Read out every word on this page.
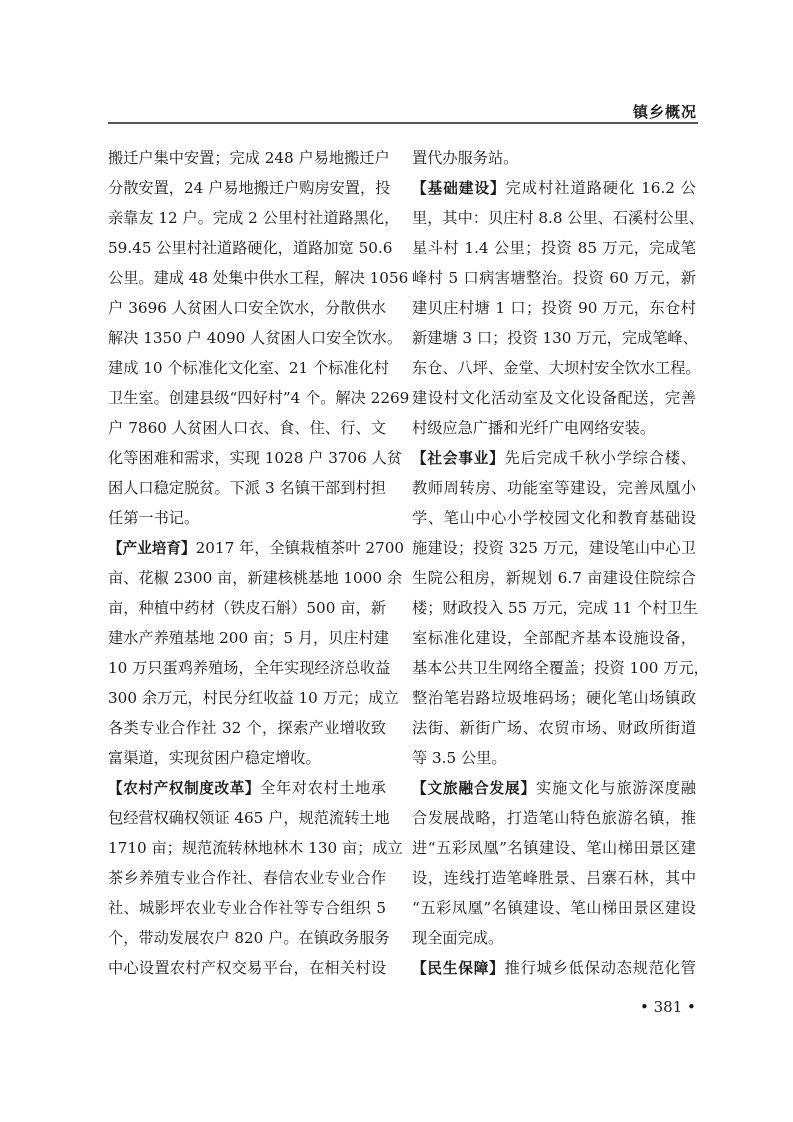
镇乡概况
搬迁户集中安置；完成 248 户易地搬迁户
分散安置，24 户易地搬迁户购房安置，投
亲靠友 12 户。完成 2 公里村社道路黑化，
59.45 公里村社道路硬化，道路加宽 50.6
公里。建成 48 处集中供水工程，解决 1056
户 3696 人贫困人口安全饮水，分散供水
解决 1350 户 4090 人贫困人口安全饮水。
建成 10 个标准化文化室、21 个标准化村
卫生室。创建县级“四好村”4 个。解决 2269
户 7860 人贫困人口衣、食、住、行、文
化等困难和需求，实现 1028 户 3706 人贫
困人口稳定脱贫。下派 3 名镇干部到村担
任第一书记。
【产业培育】2017 年，全镇栽植茶叶 2700
亩、花椒 2300 亩，新建核桃基地 1000 余
亩，种植中药材（铁皮石斛）500 亩，新
建水产养殖基地 200 亩；5 月，贝庄村建
10 万只蛋鸡养殖场，全年实现经济总收益
300 余万元，村民分红收益 10 万元；成立
各类专业合作社 32 个，探索产业增收致
富渠道，实现贫困户稳定增收。
【农村产权制度改革】全年对农村土地承
包经营权确权领证 465 户，规范流转土地
1710 亩；规范流转林地林木 130 亩；成立
茶乡养殖专业合作社、春信农业专业合作
社、城影坪农业专业合作社等专合组织 5
个，带动发展农户 820 户。在镇政务服务
中心设置农村产权交易平台，在相关村设
置代办服务站。
【基础建设】完成村社道路硬化 16.2 公
里，其中：贝庄村 8.8 公里、石溪村公里、
星斗村 1.4 公里；投资 85 万元，完成笔
峰村 5 口病害塘整治。投资 60 万元，新
建贝庄村塘 1 口；投资 90 万元，东仓村
新建塘 3 口；投资 130 万元，完成笔峰、
东仓、八坪、金堂、大坝村安全饮水工程。
建设村文化活动室及文化设备配送，完善
村级应急广播和光纤广电网络安装。
【社会事业】先后完成千秋小学综合楼、
教师周转房、功能室等建设，完善凤凰小
学、笔山中心小学校园文化和教育基础设
施建设；投资 325 万元，建设笔山中心卫
生院公租房，新规划 6.7 亩建设住院综合
楼；财政投入 55 万元，完成 11 个村卫生
室标准化建设，全部配齐基本设施设备，
基本公共卫生网络全覆盖；投资 100 万元，
整治笔岩路垃圾堆码场；硬化笔山场镇政
法街、新街广场、农贸市场、财政所街道
等 3.5 公里。
【文旅融合发展】实施文化与旅游深度融
合发展战略，打造笔山特色旅游名镇，推
进“五彩凤凰”名镇建设、笔山梯田景区建
设，连线打造笔峰胜景、吕寨石林，其中
“五彩凤凰”名镇建设、笔山梯田景区建设
现全面完成。
【民生保障】推行城乡低保动态规范化管
• 381 •
